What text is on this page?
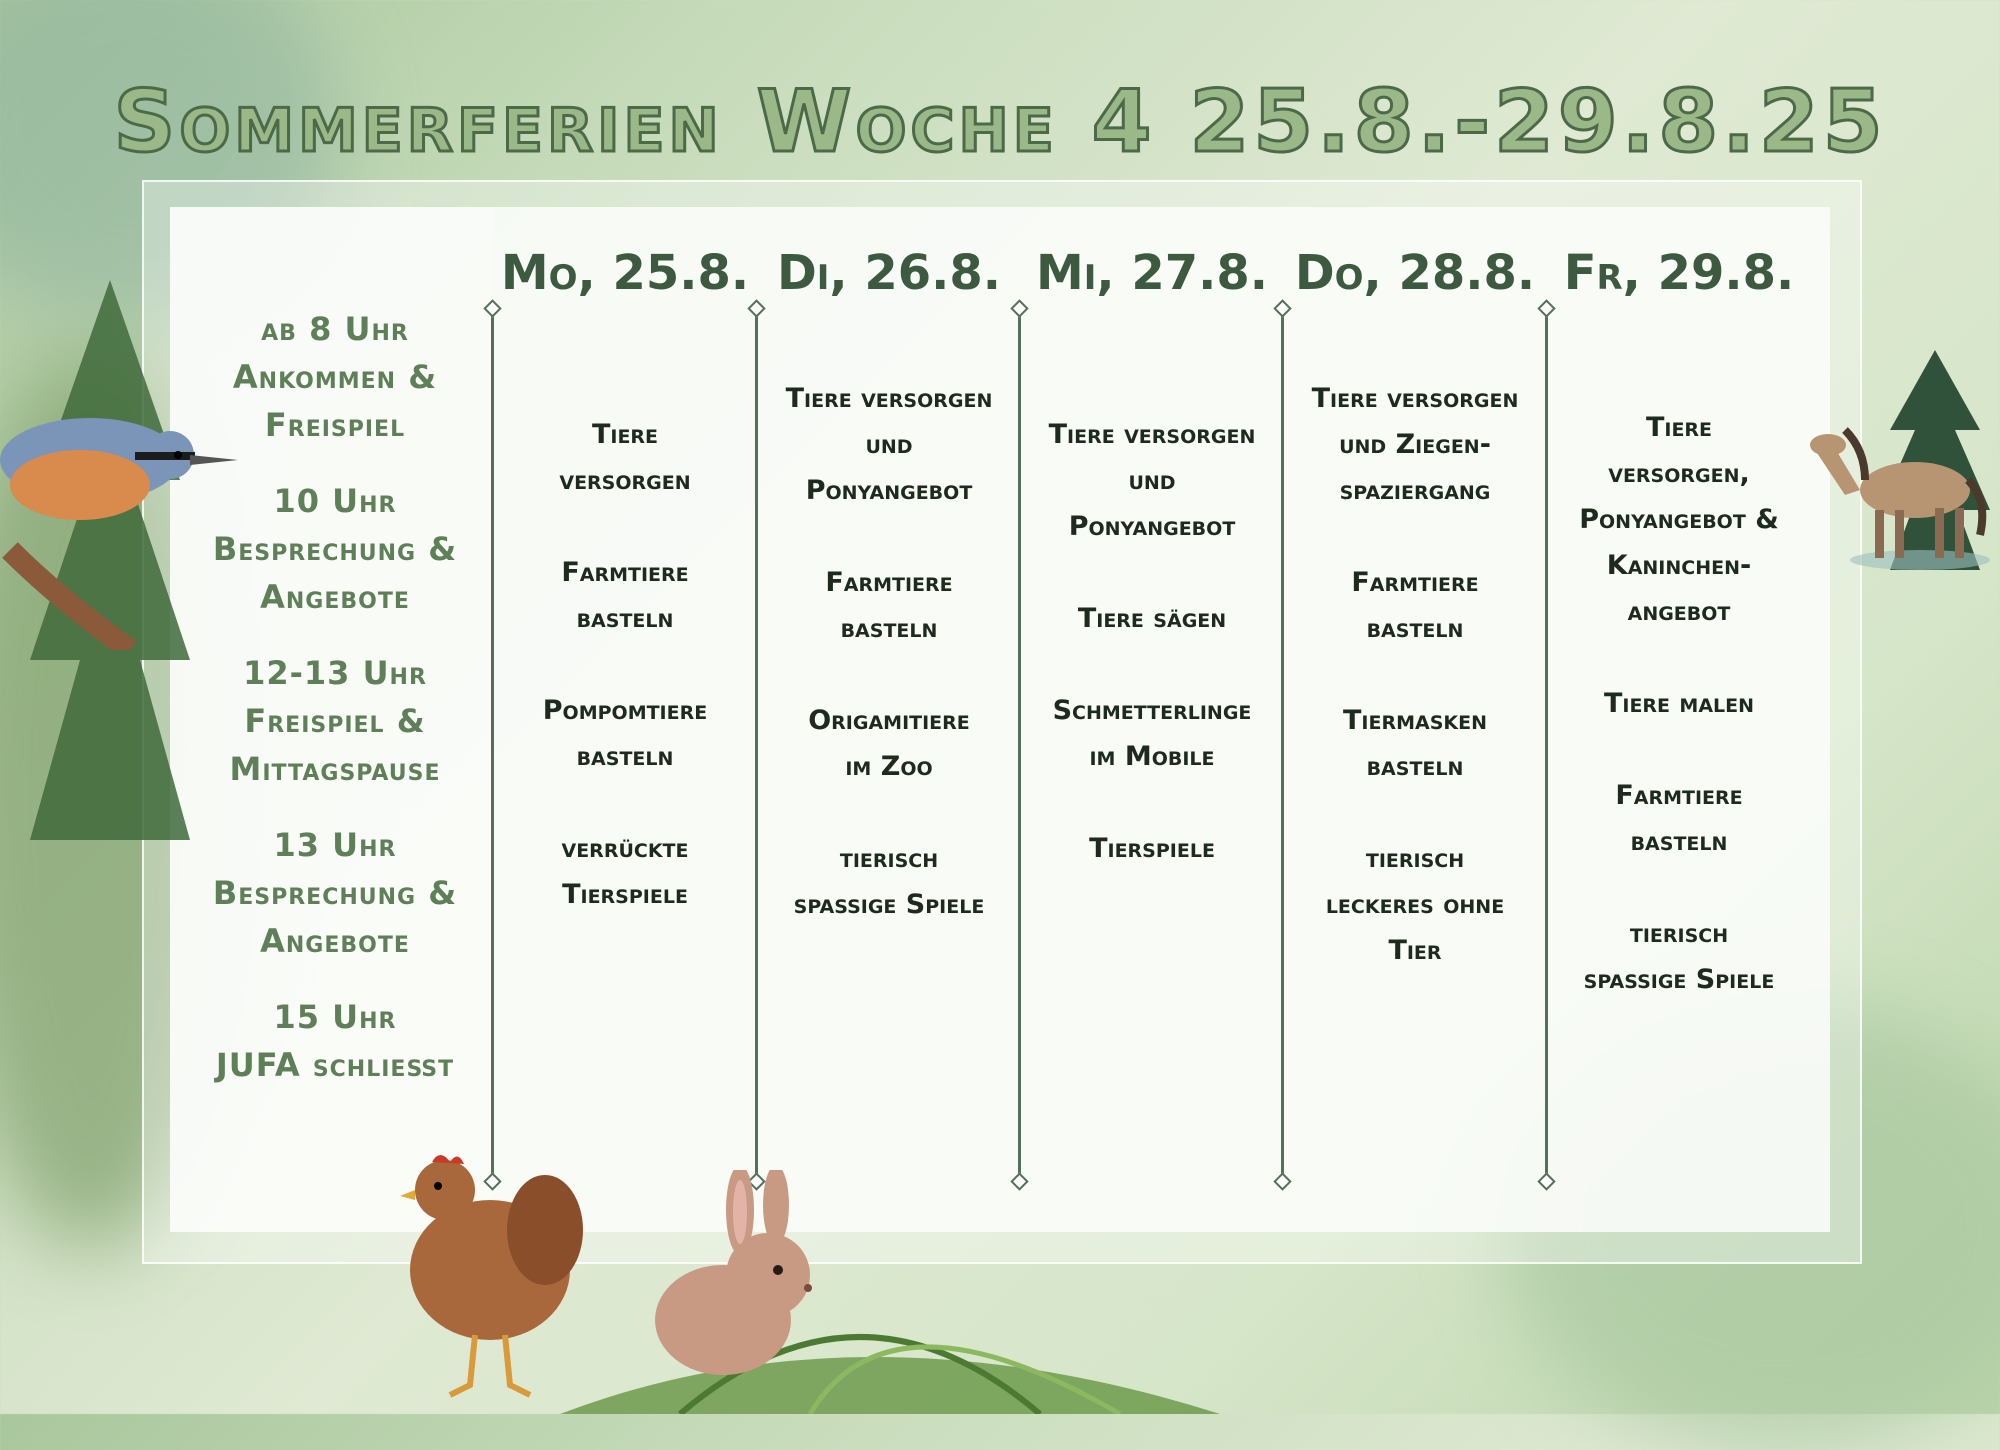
Sommerferien Woche 4 25.8.-29.8.25
ab 8 Uhr
Ankommen &
Freispiel
10 Uhr
Besprechung &
Angebote
12-13 Uhr
Freispiel &
Mittagspause
13 Uhr
Besprechung &
Angebote
15 Uhr
JUFA schließt
Mo, 25.8. Di, 26.8. Mi, 27.8. Do, 28.8. Fr, 29.8.
Tiere
versorgen
Farmtiere
basteln
Pompomtiere
basteln
verrückte
Tierspiele
Tiere versorgen
und
Ponyangebot
Farmtiere
basteln
Origamitiere
im Zoo
tierisch
spaßige Spiele
Tiere versorgen
und
Ponyangebot
Tiere sägen
Schmetterlinge
im Mobile
Tierspiele
Tiere versorgen
und Ziegen-
spaziergang
Farmtiere
basteln
Tiermasken
basteln
tierisch
leckeres ohne
Tier
Tiere
versorgen,
Ponyangebot &
Kaninchen-
angebot
Tiere malen
Farmtiere
basteln
tierisch
spaßige Spiele
